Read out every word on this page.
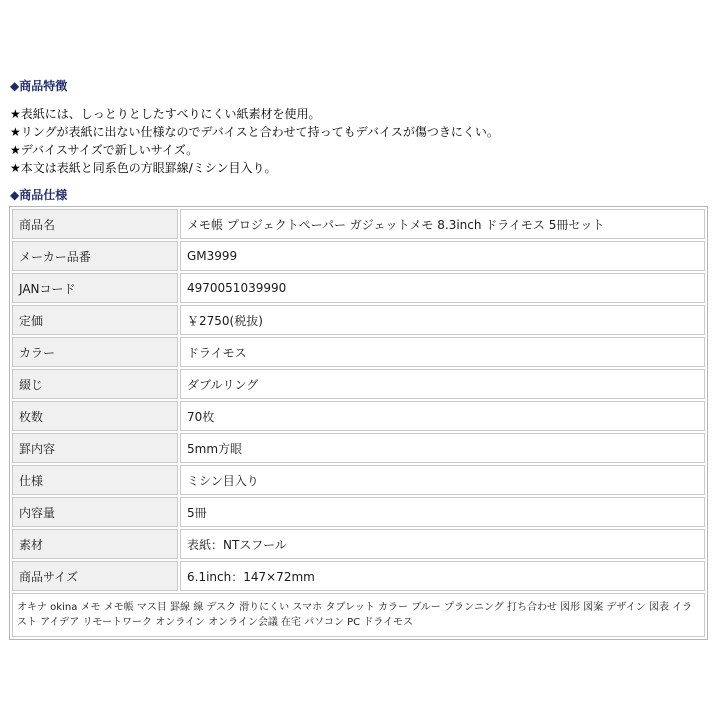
◆商品特徴
★表紙には、しっとりとしたすべりにくい紙素材を使用。
★リングが表紙に出ない仕様なのでデバイスと合わせて持ってもデバイスが傷つきにくい。
★デバイスサイズで新しいサイズ。
★本文は表紙と同系色の方眼罫線/ミシン目入り。
◆商品仕様
商品名	メモ帳 プロジェクトペーパー ガジェットメモ 8.3inch ドライモス 5冊セット
メーカー品番	GM3999
JANコード	4970051039990
定価	￥2750(税抜)
カラー	ドライモス
綴じ	ダブルリング
枚数	70枚
罫内容	5mm方眼
仕様	ミシン目入り
内容量	5冊
素材	表紙：NTスフール
商品サイズ	6.1inch：147×72mm
オキナ okina メモ メモ帳 マス目 罫線 線 デスク 滑りにくい スマホ タブレット カラー ブルー プランニング 打ち合わせ 図形 図案 デザイン 図表 イラスト アイデア リモートワーク オンライン オンライン会議 在宅 パソコン PC ドライモス	
